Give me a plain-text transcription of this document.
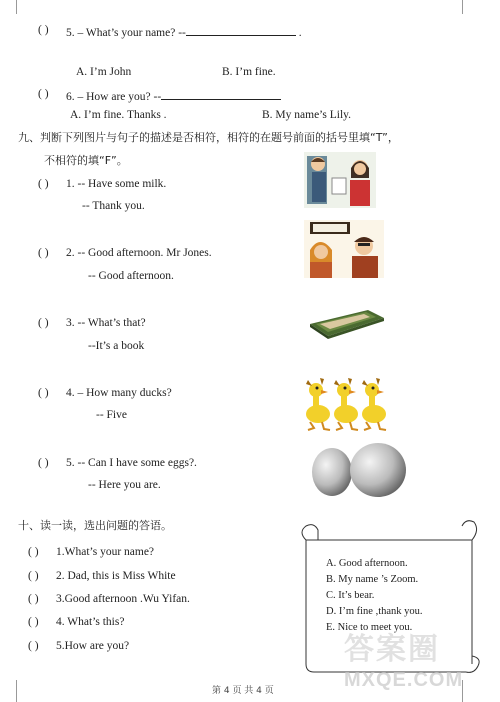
( ) 5. – What’s your name? --	.
A. I’m John	B. I’m fine.
( ) 6. – How are you? --
A. I’m fine. Thanks .	B. My name’s Lily.
九、判断下列图片与句子的描述是否相符，相符的在题号前面的括号里填“T”，
不相符的填“F”。
( ) 1. -- Have some milk.
-- Thank you.
( ) 2. -- Good afternoon. Mr Jones.
-- Good afternoon.
( ) 3. -- What’s that?
--It’s a book
( ) 4. – How many ducks?
-- Five
( ) 5. -- Can I have some eggs?.
-- Here you are.
十、读一读，选出问题的答语。
( ) 1.What’s your name?
( ) 2. Dad, this is Miss White
( ) 3.Good afternoon .Wu Yifan.
( ) 4. What’s this?
( ) 5.How are you?
A. Good afternoon.
B. My name ’s Zoom.
C. It’s bear.
D. I’m fine ,thank you.
E. Nice to meet you.
答案圈
MXQE.COM
第 4 页 共 4 页
